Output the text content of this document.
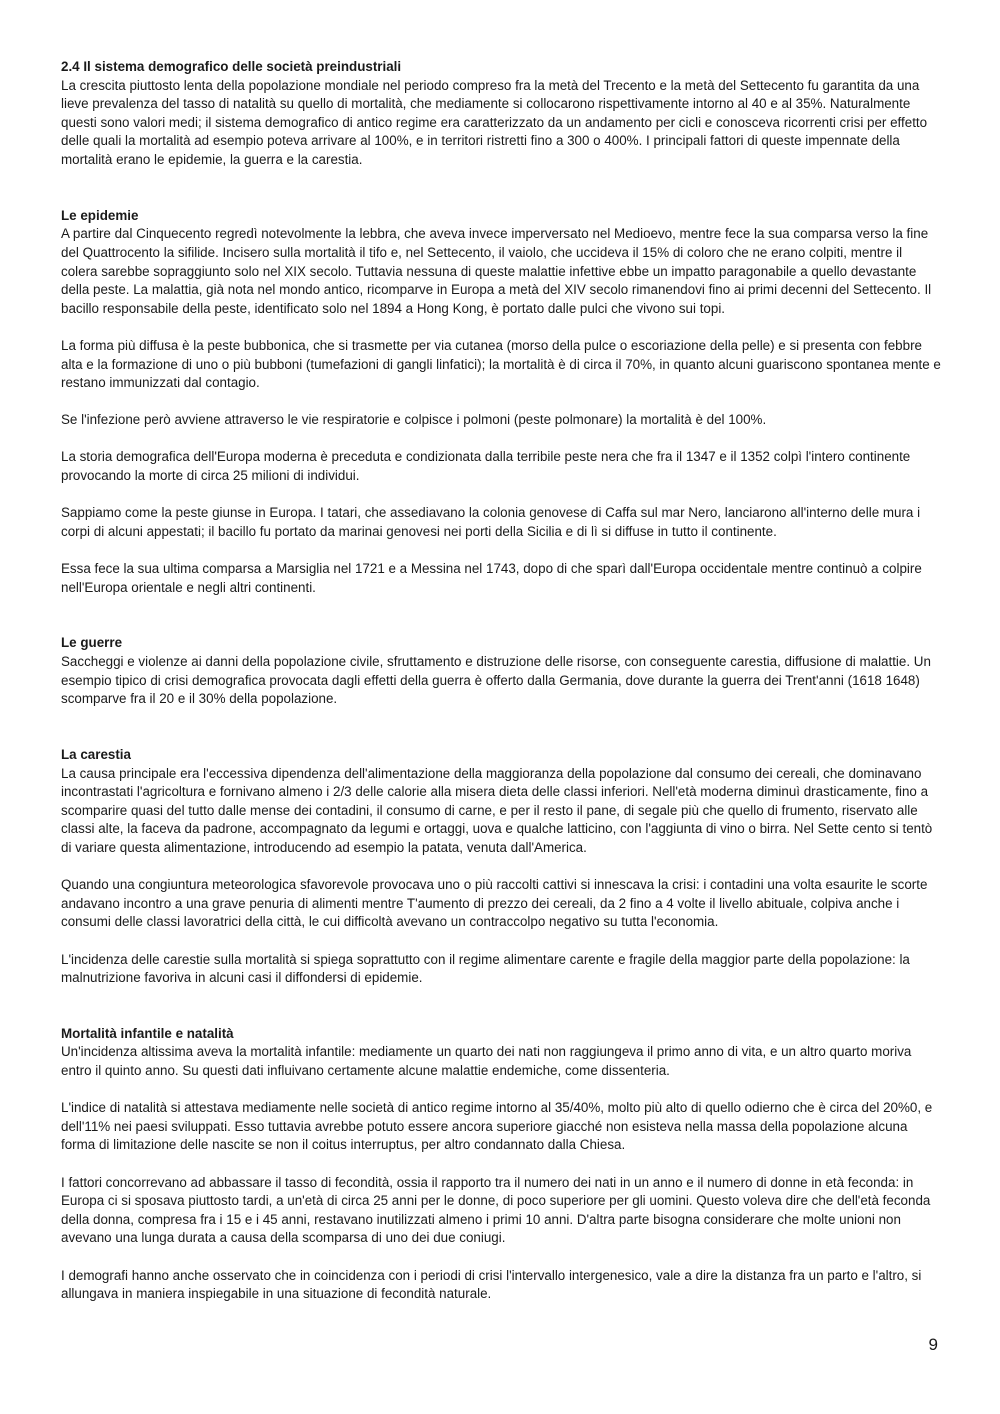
2.4 Il sistema demografico delle società preindustriali

La crescita piuttosto lenta della popolazione mondiale nel periodo compreso fra la metà del Trecento e la metà del Settecento fu garantita da una lieve prevalenza del tasso di natalità su quello di mortalità, che mediamente si collocarono rispettivamente intorno al 40 e al 35%. Naturalmente questi sono valori medi; il sistema demografico di antico regime era caratterizzato da un andamento per cicli e conosceva ricorrenti crisi per effetto delle quali la mortalità ad esempio poteva arrivare al 100%, e in territori ristretti fino a 300 o 400%. I principali fattori di queste impennate della mortalità erano le epidemie, la guerra e la carestia.

Le epidemie

A partire dal Cinquecento regredì notevolmente la lebbra, che aveva invece imperversato nel Medioevo, mentre fece la sua comparsa verso la fine del Quattrocento la sifilide. Incisero sulla mortalità il tifo e, nel Settecento, il vaiolo, che uccideva il 15% di coloro che ne erano colpiti, mentre il colera sarebbe sopraggiunto solo nel XIX secolo. Tuttavia nessuna di queste malattie infettive ebbe un impatto paragonabile a quello devastante della peste. La malattia, già nota nel mondo antico, ricomparve in Europa a metà del XIV secolo rimanendovi fino ai primi decenni del Settecento. Il bacillo responsabile della peste, identificato solo nel 1894 a Hong Kong, è portato dalle pulci che vivono sui topi.

La forma più diffusa è la peste bubbonica, che si trasmette per via cutanea (morso della pulce o escoriazione della pelle) e si presenta con febbre alta e la formazione di uno o più bubboni (tumefazioni di gangli linfatici); la mortalità è di circa il 70%, in quanto alcuni guariscono spontanea mente e restano immunizzati dal contagio.

Se l'infezione però avviene attraverso le vie respiratorie e colpisce i polmoni (peste polmonare) la mortalità è del 100%.

La storia demografica dell'Europa moderna è preceduta e condizionata dalla terribile peste nera che fra il 1347 e il 1352 colpì l'intero continente provocando la morte di circa 25 milioni di individui.

Sappiamo come la peste giunse in Europa. I tatari, che assediavano la colonia genovese di Caffa sul mar Nero, lanciarono all'interno delle mura i corpi di alcuni appestati; il bacillo fu portato da marinai genovesi nei porti della Sicilia e di lì si diffuse in tutto il continente.

Essa fece la sua ultima comparsa a Marsiglia nel 1721 e a Messina nel 1743, dopo di che sparì dall'Europa occidentale mentre continuò a colpire nell'Europa orientale e negli altri continenti.

Le guerre

Saccheggi e violenze ai danni della popolazione civile, sfruttamento e distruzione delle risorse, con conseguente carestia, diffusione di malattie. Un esempio tipico di crisi demografica provocata dagli effetti della guerra è offerto dalla Germania, dove durante la guerra dei Trent'anni (1618 1648) scomparve fra il 20 e il 30% della popolazione.

La carestia

La causa principale era l'eccessiva dipendenza dell'alimentazione della maggioranza della popolazione dal consumo dei cereali, che dominavano incontrastati l'agricoltura e fornivano almeno i 2/3 delle calorie alla misera dieta delle classi inferiori. Nell'età moderna diminuì drasticamente, fino a scomparire quasi del tutto dalle mense dei contadini, il consumo di carne, e per il resto il pane, di segale più che quello di frumento, riservato alle classi alte, la faceva da padrone, accompagnato da legumi e ortaggi, uova e qualche latticino, con l'aggiunta di vino o birra. Nel Sette cento si tentò di variare questa alimentazione, introducendo ad esempio la patata, venuta dall'America.

Quando una congiuntura meteorologica sfavorevole provocava uno o più raccolti cattivi si innescava la crisi: i contadini una volta esaurite le scorte andavano incontro a una grave penuria di alimenti mentre T'aumento di prezzo dei cereali, da 2 fino a 4 volte il livello abituale, colpiva anche i consumi delle classi lavoratrici della città, le cui difficoltà avevano un contraccolpo negativo su tutta l'economia.

L'incidenza delle carestie sulla mortalità si spiega soprattutto con il regime alimentare carente e fragile della maggior parte della popolazione: la malnutrizione favoriva in alcuni casi il diffondersi di epidemie.

Mortalità infantile e natalità

Un'incidenza altissima aveva la mortalità infantile: mediamente un quarto dei nati non raggiungeva il primo anno di vita, e un altro quarto moriva entro il quinto anno. Su questi dati influivano certamente alcune malattie endemiche, come dissenteria.

L'indice di natalità si attestava mediamente nelle società di antico regime intorno al 35/40%, molto più alto di quello odierno che è circa del 20%0, e dell'11% nei paesi sviluppati. Esso tuttavia avrebbe potuto essere ancora superiore giacché non esisteva nella massa della popolazione alcuna forma di limitazione delle nascite se non il coitus interruptus, per altro condannato dalla Chiesa.

I fattori concorrevano ad abbassare il tasso di fecondità, ossia il rapporto tra il numero dei nati in un anno e il numero di donne in età feconda: in Europa ci si sposava piuttosto tardi, a un'età di circa 25 anni per le donne, di poco superiore per gli uomini. Questo voleva dire che dell'età feconda della donna, compresa fra i 15 e i 45 anni, restavano inutilizzati almeno i primi 10 anni. D'altra parte bisogna considerare che molte unioni non avevano una lunga durata a causa della scomparsa di uno dei due coniugi.

I demografi hanno anche osservato che in coincidenza con i periodi di crisi l'intervallo intergenesico, vale a dire la distanza fra un parto e l'altro, si allungava in maniera inspiegabile in una situazione di fecondità naturale.

9
